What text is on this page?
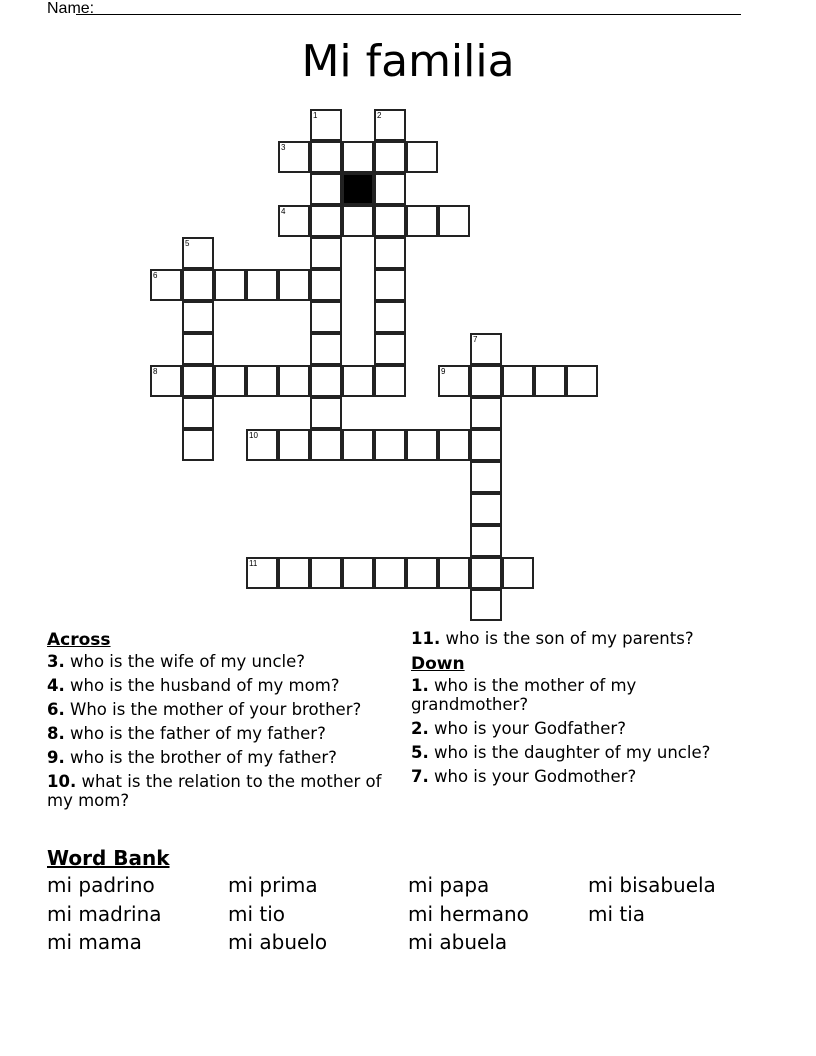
Name:
Mi familia
1	2
3
4
5
6
7
8	9
10
11
Across
3. who is the wife of my uncle?
4. who is the husband of my mom?
6. Who is the mother of your brother?
8. who is the father of my father?
9. who is the brother of my father?
10. what is the relation to the mother of my mom?
11. who is the son of my parents?
Down
1. who is the mother of my grandmother?
2. who is your Godfather?
5. who is the daughter of my uncle?
7. who is your Godmother?
Word Bank
mi padrino
mi madrina
mi mama
mi prima
mi tio
mi abuelo
mi papa
mi hermano
mi abuela
mi bisabuela
mi tia
